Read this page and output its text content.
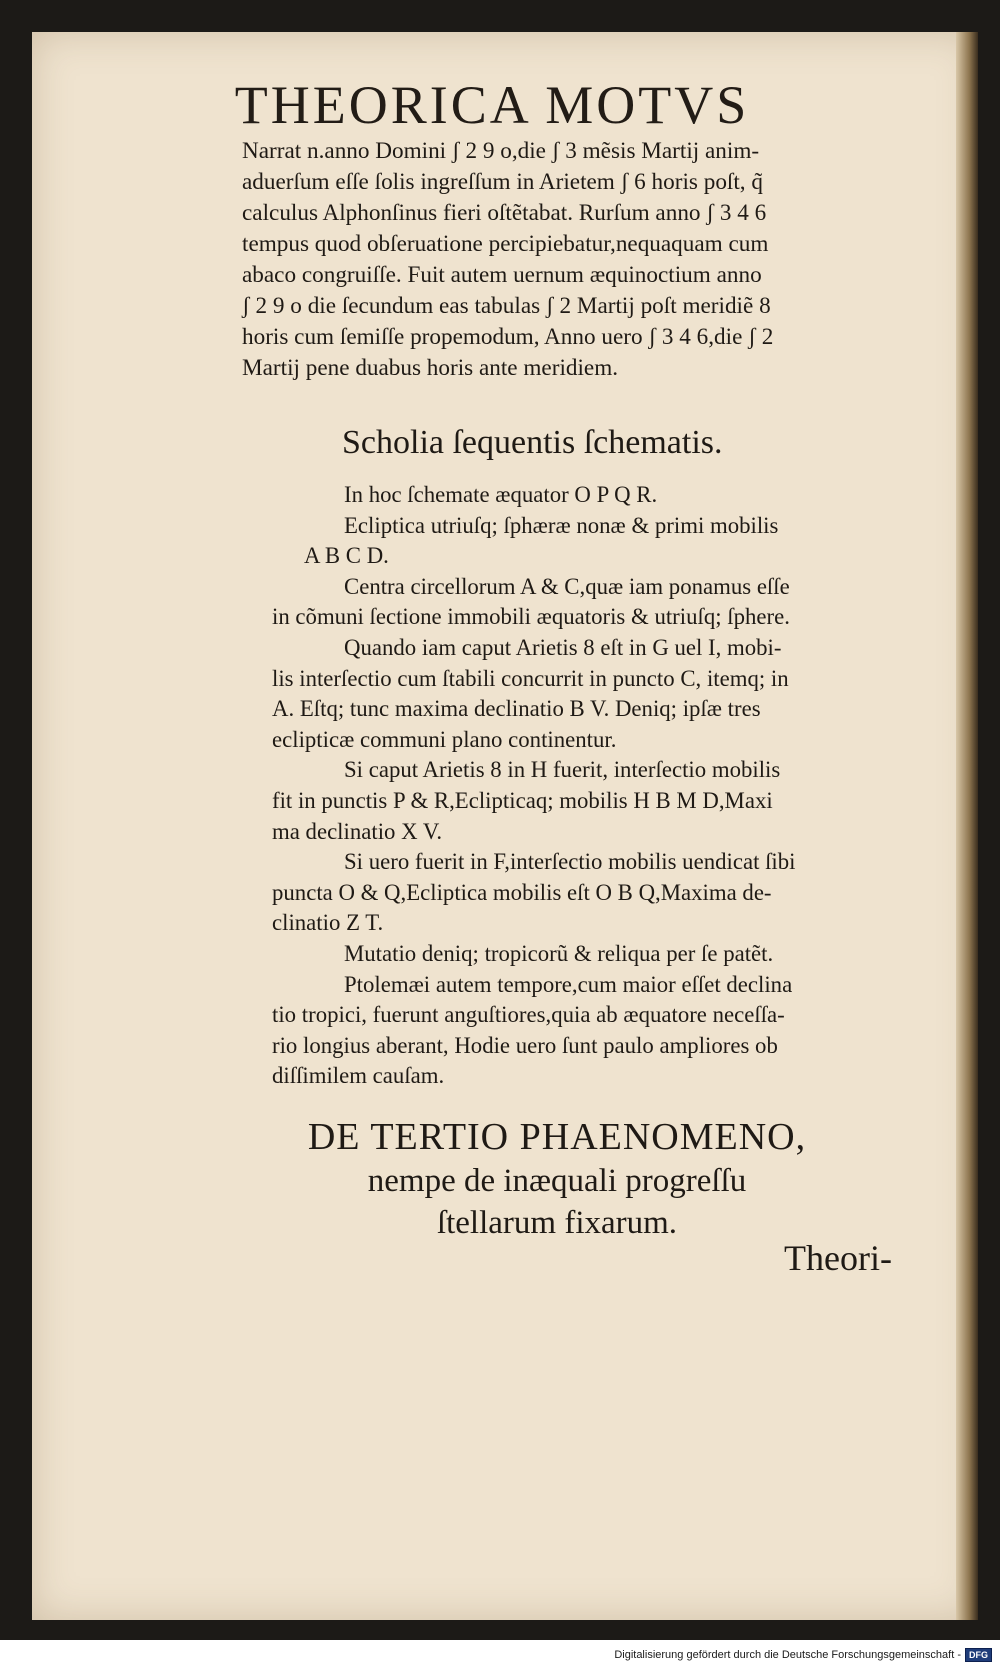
THEORICA MOTVS
Narrat n.anno Domini ʃ 2 9 o,die ʃ 3 mẽsis Martij anim-
aduerſum eſſe ſolis ingreſſum in Arietem ʃ 6 horis poſt, q̃
calculus Alphonſinus fieri oſtẽtabat. Rurſum anno ʃ 3 4 6
tempus quod obſeruatione percipiebatur,nequaquam cum
abaco congruiſſe. Fuit autem uernum æquinoctium anno
ʃ 2 9 o die ſecundum eas tabulas ʃ 2 Martij poſt meridiẽ 8
horis cum ſemiſſe propemodum, Anno uero ʃ 3 4 6,die ʃ 2
Martij pene duabus horis ante meridiem.
Scholia ſequentis ſchematis.
In hoc ſchemate æquator O P Q R.
Ecliptica utriuſq; ſphæræ nonæ & primi mobilis
A B C D.
Centra circellorum A & C,quæ iam ponamus eſſe
in cõmuni ſectione immobili æquatoris & utriuſq; ſphere.
Quando iam caput Arietis 8 eſt in G uel I, mobi-
lis interſectio cum ſtabili concurrit in puncto C, itemq; in
A. Eſtq; tunc maxima declinatio B V. Deniq; ipſæ tres
eclipticæ communi plano continentur.
Si caput Arietis 8 in H fuerit, interſectio mobilis
fit in punctis P & R,Eclipticaq; mobilis H B M D,Maxi
ma declinatio X V.
Si uero fuerit in F,interſectio mobilis uendicat ſibi
puncta O & Q,Ecliptica mobilis eſt O B Q,Maxima de-
clinatio Z T.
Mutatio deniq; tropicorũ & reliqua per ſe patẽt.
Ptolemæi autem tempore,cum maior eſſet declina
tio tropici, fuerunt anguſtiores,quia ab æquatore neceſſa-
rio longius aberant, Hodie uero ſunt paulo ampliores ob
diſſimilem cauſam.
DE TERTIO PHAENOMENO,
nempe de inæquali progreſſu
ſtellarum fixarum.
Theori-
Digitalisierung gefördert durch die Deutsche Forschungsgemeinschaft - DFG
